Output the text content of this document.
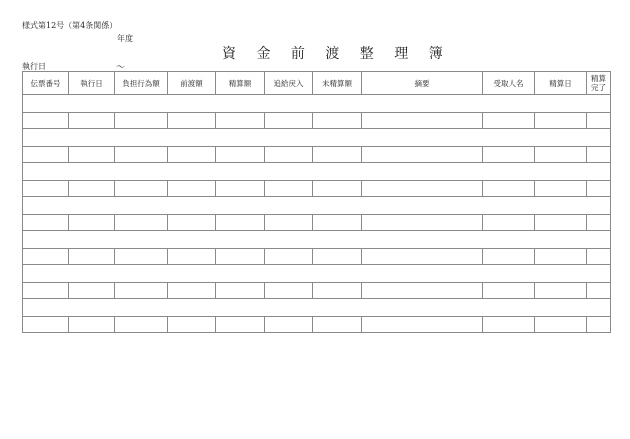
様式第12号（第4条関係）
年度
資 金 前 渡 整 理 簿
執行日	～
伝票番号	執行日	負担行為額	前渡額	精算額	追給戻入	未精算額	摘要	受取人名	精算日	精算
完了
